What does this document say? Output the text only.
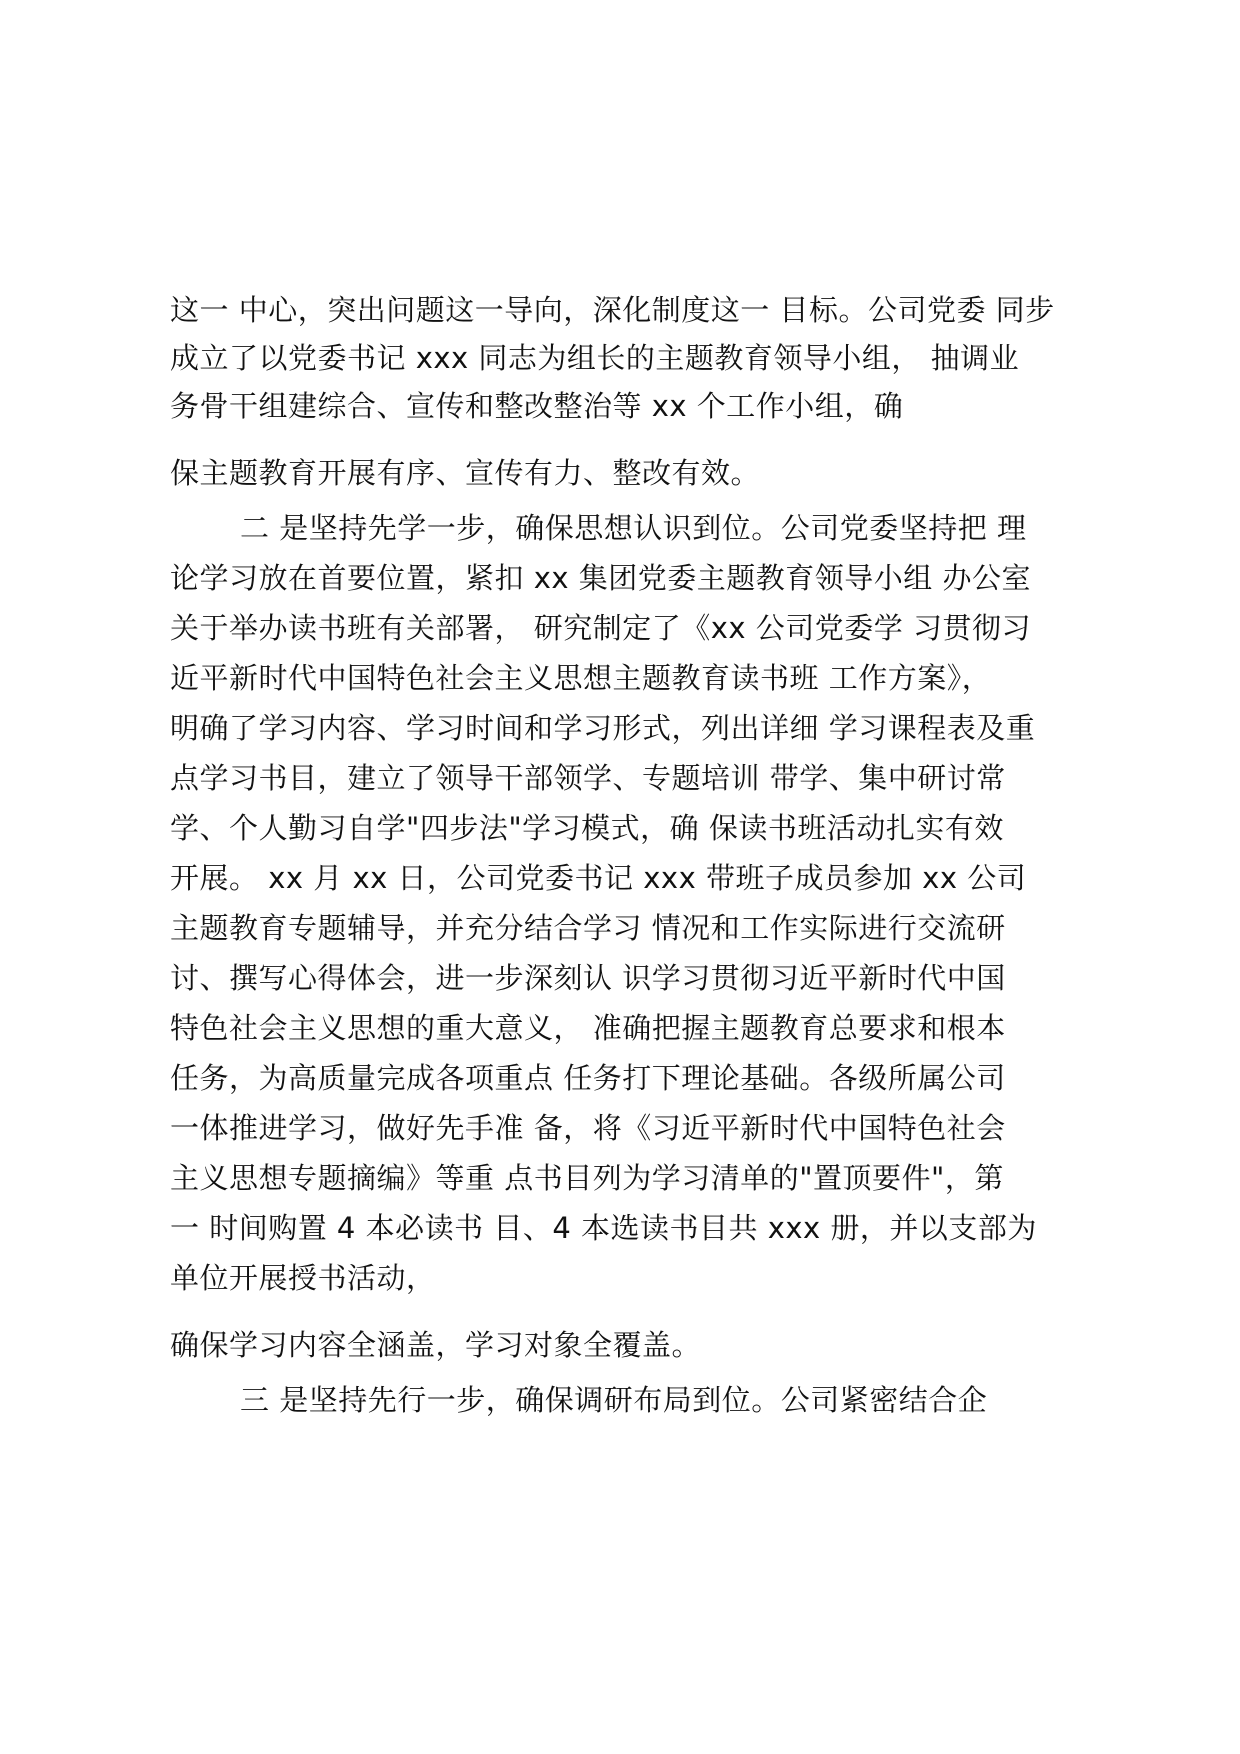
这一 中心，突出问题这一导向，深化制度这一 目标。公司党委 同步
成立了以党委书记 xxx 同志为组长的主题教育领导小组， 抽调业
务骨干组建综合、宣传和整改整治等 xx 个工作小组，确
保主题教育开展有序、宣传有力、整改有效。
二 是坚持先学一步，确保思想认识到位。公司党委坚持把 理
论学习放在首要位置，紧扣 xx 集团党委主题教育领导小组 办公室
关于举办读书班有关部署， 研究制定了《xx 公司党委学 习贯彻习
近平新时代中国特色社会主义思想主题教育读书班 工作方案》，
明确了学习内容、学习时间和学习形式，列出详细 学习课程表及重
点学习书目，建立了领导干部领学、专题培训 带学、集中研讨常
学、个人勤习自学"四步法"学习模式，确 保读书班活动扎实有效
开展。 xx 月 xx 日，公司党委书记 xxx 带班子成员参加 xx 公司
主题教育专题辅导，并充分结合学习 情况和工作实际进行交流研
讨、撰写心得体会，进一步深刻认 识学习贯彻习近平新时代中国
特色社会主义思想的重大意义， 准确把握主题教育总要求和根本
任务，为高质量完成各项重点 任务打下理论基础。各级所属公司
一体推进学习，做好先手准 备，将《习近平新时代中国特色社会
主义思想专题摘编》等重 点书目列为学习清单的"置顶要件"，第
一 时间购置 4 本必读书 目、4 本选读书目共 xxx 册，并以支部为
单位开展授书活动，
确保学习内容全涵盖，学习对象全覆盖。
三 是坚持先行一步，确保调研布局到位。公司紧密结合企
